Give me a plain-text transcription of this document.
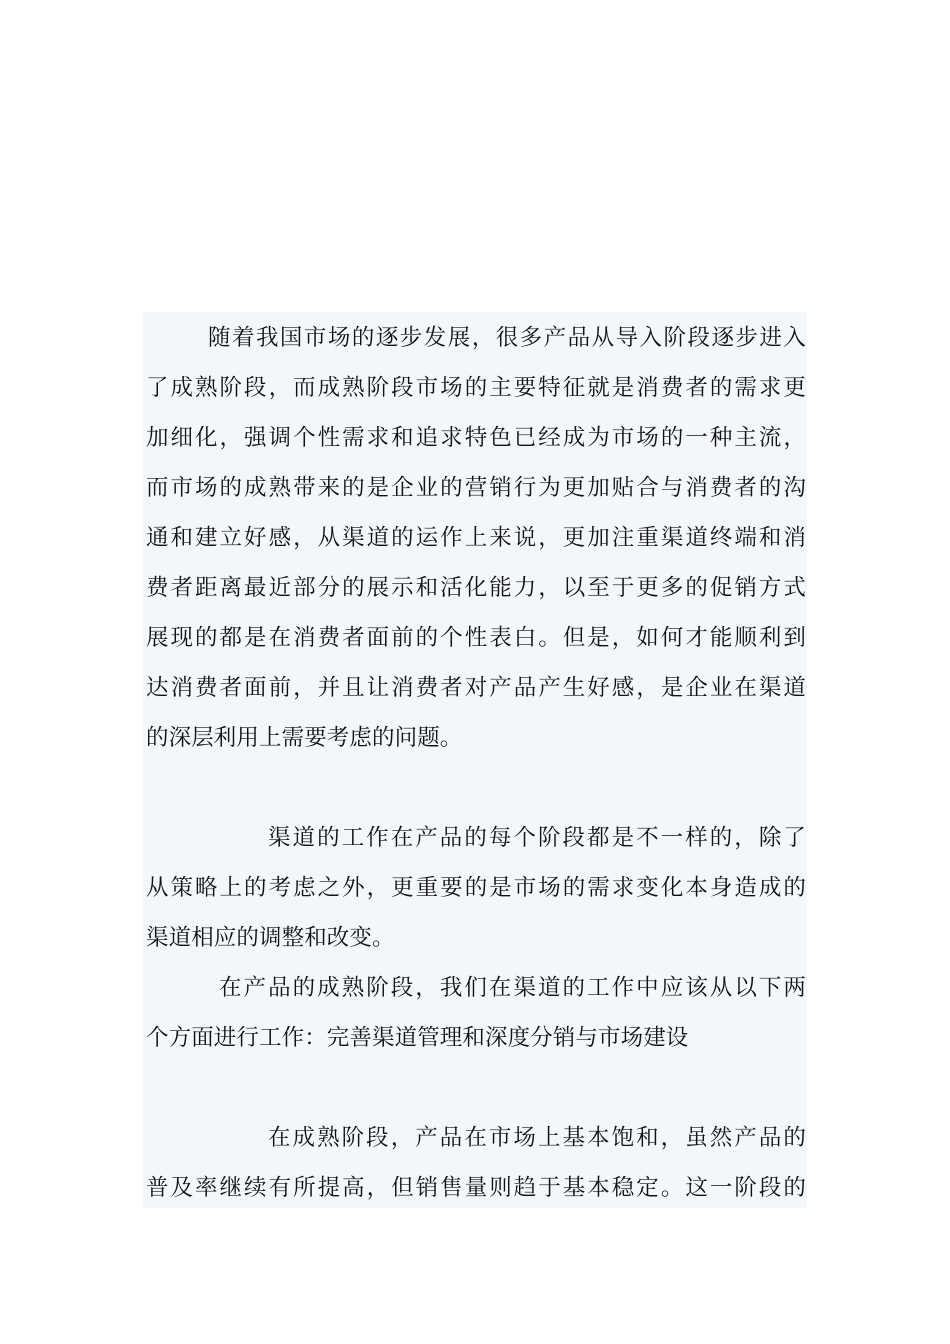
随着我国市场的逐步发展，很多产品从导入阶段逐步进入
了成熟阶段，而成熟阶段市场的主要特征就是消费者的需求更
加细化，强调个性需求和追求特色已经成为市场的一种主流，
而市场的成熟带来的是企业的营销行为更加贴合与消费者的沟
通和建立好感，从渠道的运作上来说，更加注重渠道终端和消
费者距离最近部分的展示和活化能力，以至于更多的促销方式
展现的都是在消费者面前的个性表白。但是，如何才能顺利到
达消费者面前，并且让消费者对产品产生好感，是企业在渠道
的深层利用上需要考虑的问题。
渠道的工作在产品的每个阶段都是不一样的，除了
从策略上的考虑之外，更重要的是市场的需求变化本身造成的
渠道相应的调整和改变。
在产品的成熟阶段，我们在渠道的工作中应该从以下两
个方面进行工作：完善渠道管理和深度分销与市场建设
在成熟阶段，产品在市场上基本饱和，虽然产品的
普及率继续有所提高，但销售量则趋于基本稳定。这一阶段的
